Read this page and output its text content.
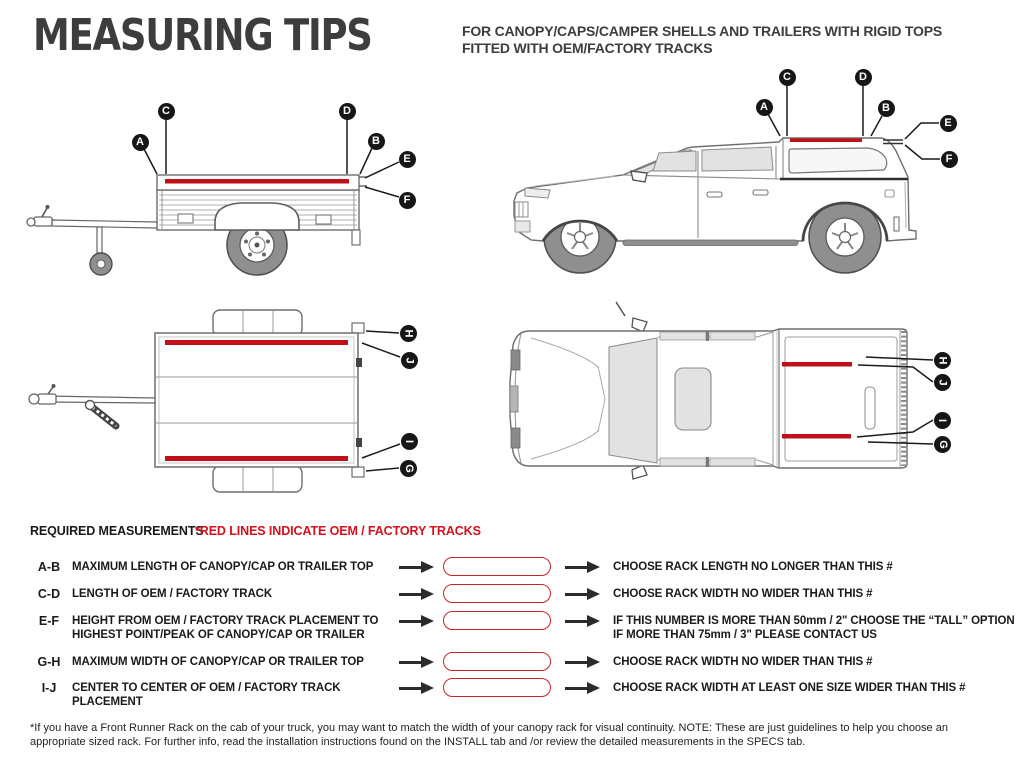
MEASURING TIPS	FOR CANOPY/CAPS/CAMPER SHELLS AND TRAILERS WITH RIGID TOPS
FITTED WITH OEM/FACTORY TRACKS
A
C	D
B
E
F
C	D
A	B
E
F
H
J
I
G
H
J
I
G
REQUIRED MEASUREMENTS
*RED LINES INDICATE OEM / FACTORY TRACKS
A-B	MAXIMUM LENGTH OF CANOPY/CAP OR TRAILER TOP	CHOOSE RACK LENGTH NO LONGER THAN THIS #
C-D	LENGTH OF OEM / FACTORY TRACK	CHOOSE RACK WIDTH NO WIDER THAN THIS #
E-F	HEIGHT FROM OEM / FACTORY TRACK PLACEMENT TO
HIGHEST POINT/PEAK OF CANOPY/CAP OR TRAILER
IF THIS NUMBER IS MORE THAN 50mm / 2" CHOOSE THE “TALL” OPTION
IF MORE THAN 75mm / 3" PLEASE CONTACT US
G-H	MAXIMUM WIDTH OF CANOPY/CAP OR TRAILER TOP	CHOOSE RACK WIDTH NO WIDER THAN THIS #
I-J	CENTER TO CENTER OF OEM / FACTORY TRACK PLACEMENT
CHOOSE RACK WIDTH AT LEAST ONE SIZE WIDER THAN THIS #
*If you have a Front Runner Rack on the cab of your truck, you may want to match the width of your canopy rack for visual continuity. NOTE: These are just guidelines to help you choose an appropriate sized rack. For further info, read the installation instructions found on the INSTALL tab and /or review the detailed measurements in the SPECS tab.
